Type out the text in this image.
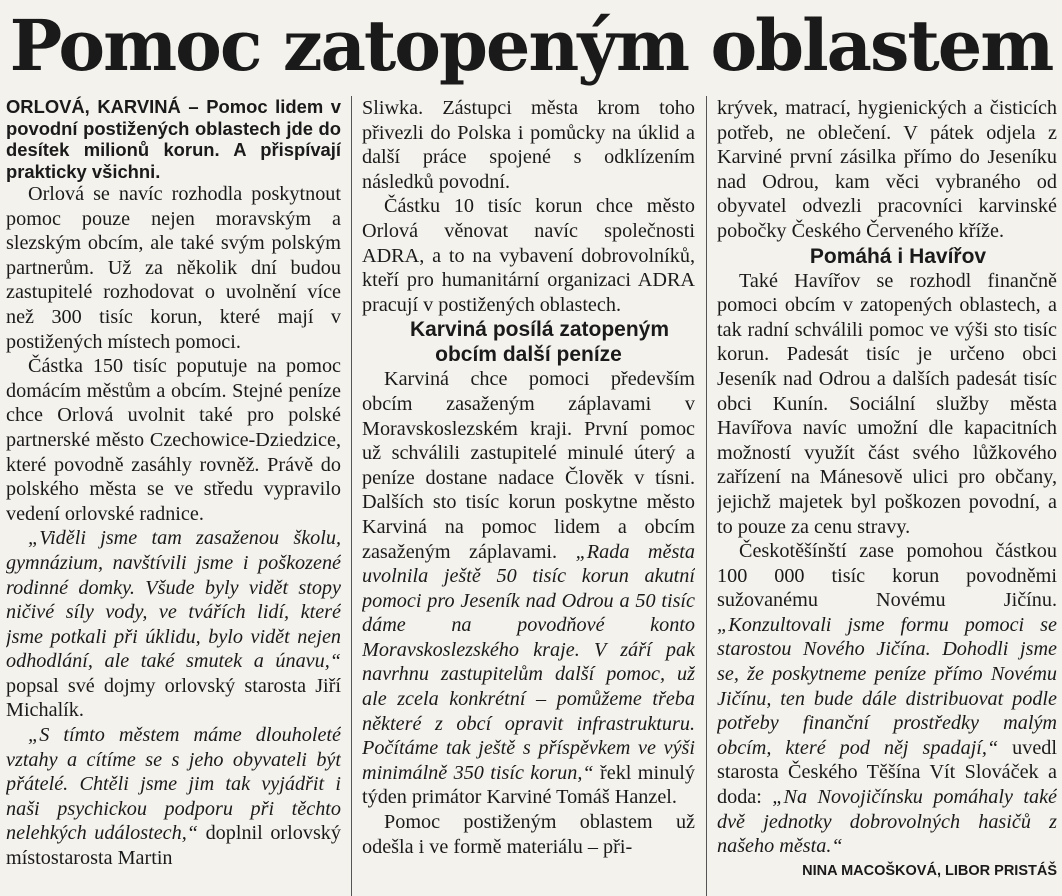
Pomoc zatopeným oblastem

ORLOVÁ, KARVINÁ – Pomoc lidem v povodní postižených oblastech jde do desítek milionů korun. A přispívají prakticky všichni.

Orlová se navíc rozhodla poskytnout pomoc pouze nejen moravským a slezským obcím, ale také svým polským partnerům. Už za několik dní budou zastupitelé rozhodovat o uvolnění více než 300 tisíc korun, které mají v postižených místech pomoci.

Částka 150 tisíc poputuje na pomoc domácím městům a obcím. Stejné peníze chce Orlová uvolnit také pro polské partnerské město Czechowice-Dziedzice, které povodně zasáhly rovněž. Právě do polského města se ve středu vypravilo vedení orlovské radnice.

„Viděli jsme tam zasaženou školu, gymnázium, navštívili jsme i poškozené rodinné domky. Všude byly vidět stopy ničivé síly vody, ve tvářích lidí, které jsme potkali při úklidu, bylo vidět nejen odhodlání, ale také smutek a únavu,“ popsal své dojmy orlovský starosta Jiří Michalík.

„S tímto městem máme dlouholeté vztahy a cítíme se s jeho obyvateli být přátelé. Chtěli jsme jim tak vyjádřit i naši psychickou podporu při těchto nelehkých událostech,“ doplnil orlovský místostarosta Martin

Sliwka. Zástupci města krom toho přivezli do Polska i pomůcky na úklid a další práce spojené s odklízením následků povodní.

Částku 10 tisíc korun chce město Orlová věnovat navíc společnosti ADRA, a to na vybavení dobrovolníků, kteří pro humanitární organizaci ADRA pracují v postižených oblastech.

Karviná posílá zatopeným obcím další peníze

Karviná chce pomoci především obcím zasaženým záplavami v Moravskoslezském kraji. První pomoc už schválili zastupitelé minulé úterý a peníze dostane nadace Člověk v tísni. Dalších sto tisíc korun poskytne město Karviná na pomoc lidem a obcím zasaženým záplavami. „Rada města uvolnila ještě 50 tisíc korun akutní pomoci pro Jeseník nad Odrou a 50 tisíc dáme na povodňové konto Moravskoslezského kraje. V září pak navrhnu zastupitelům další pomoc, už ale zcela konkrétní – pomůžeme třeba některé z obcí opravit infrastrukturu. Počítáme tak ještě s příspěvkem ve výši minimálně 350 tisíc korun,“ řekl minulý týden primátor Karviné Tomáš Hanzel.

Pomoc postiženým oblastem už odešla i ve formě materiálu – při-

krývek, matrací, hygienických a čisticích potřeb, ne oblečení. V pátek odjela z Karviné první zásilka přímo do Jeseníku nad Odrou, kam věci vybraného od obyvatel odvezli pracovníci karvinské pobočky Českého Červeného kříže.

Pomáhá i Havířov

Také Havířov se rozhodl finančně pomoci obcím v zatopených oblastech, a tak radní schválili pomoc ve výši sto tisíc korun. Padesát tisíc je určeno obci Jeseník nad Odrou a dalších padesát tisíc obci Kunín. Sociální služby města Havířova navíc umožní dle kapacitních možností využít část svého lůžkového zařízení na Mánesově ulici pro občany, jejichž majetek byl poškozen povodní, a to pouze za cenu stravy.

Českotěšínští zase pomohou částkou 100 000 tisíc korun povodněmi sužovanému Novému Jičínu. „Konzultovali jsme formu pomoci se starostou Nového Jičína. Dohodli jsme se, že poskytneme peníze přímo Novému Jičínu, ten bude dále distribuovat podle potřeby finanční prostředky malým obcím, které pod něj spadají,“ uvedl starosta Českého Těšína Vít Slováček a doda: „Na Novojičínsku pomáhaly také dvě jednotky dobrovolných hasičů z našeho města.“

NINA MACOŠKOVÁ, LIBOR PRISTÁŠ
